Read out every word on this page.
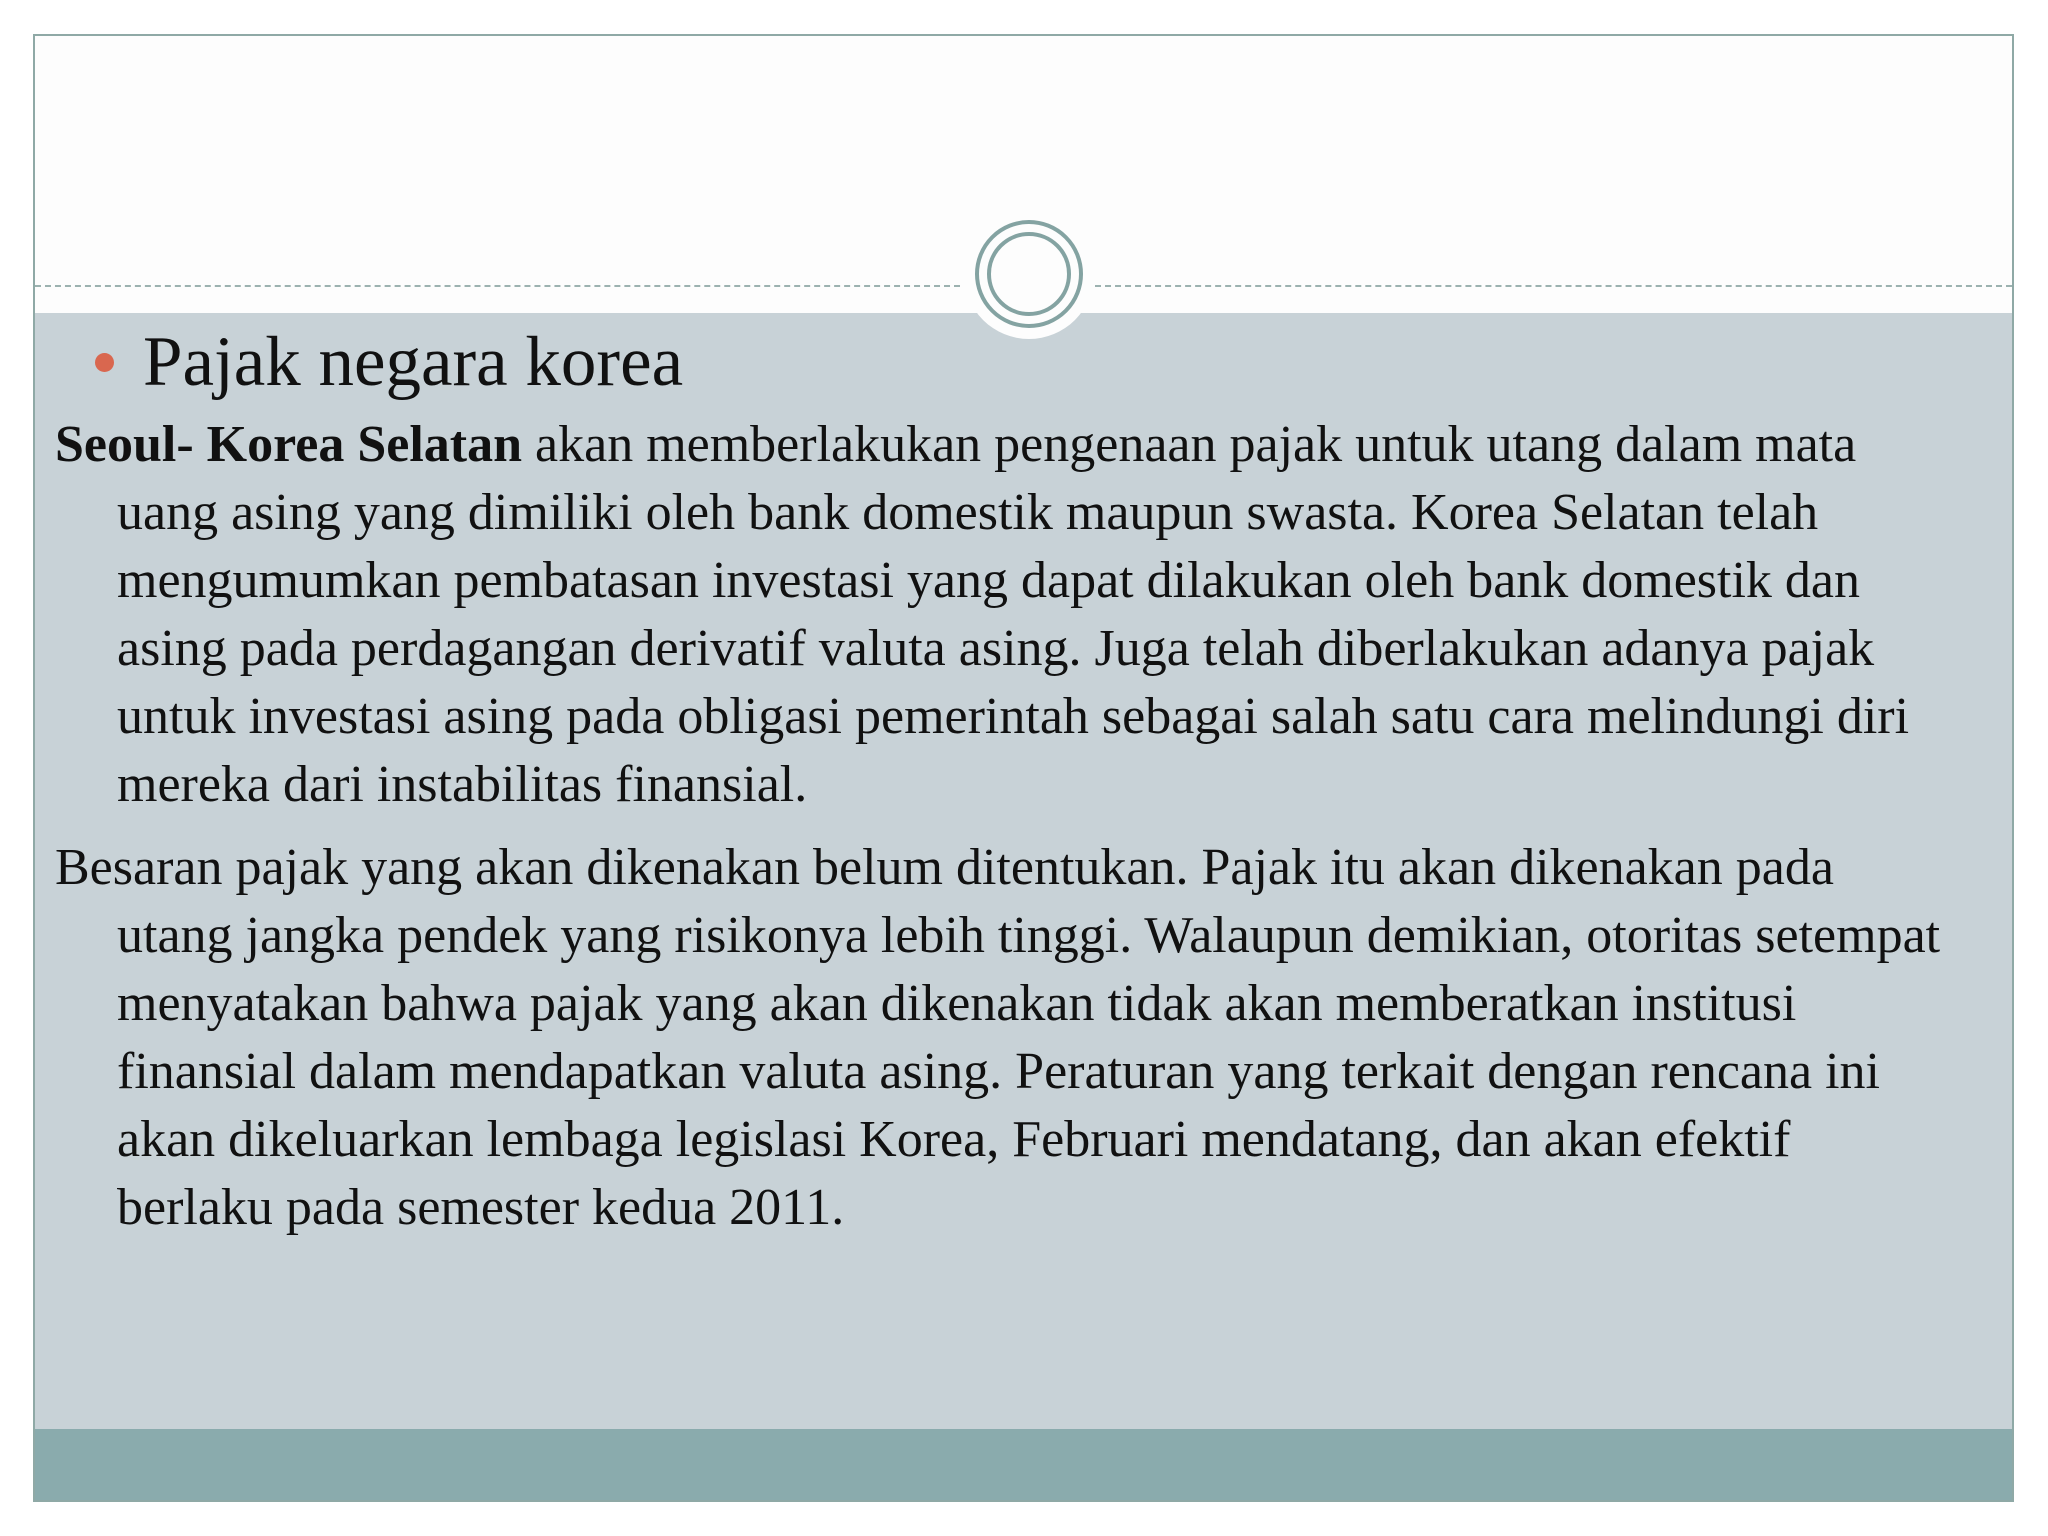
Pajak negara korea

Seoul- Korea Selatan akan memberlakukan pengenaan pajak untuk utang dalam mata uang asing yang dimiliki oleh bank domestik maupun swasta. Korea Selatan telah mengumumkan pembatasan investasi yang dapat dilakukan oleh bank domestik dan asing pada perdagangan derivatif valuta asing. Juga telah diberlakukan adanya pajak untuk investasi asing pada obligasi pemerintah sebagai salah satu cara melindungi diri mereka dari instabilitas finansial.

Besaran pajak yang akan dikenakan belum ditentukan. Pajak itu akan dikenakan pada utang jangka pendek yang risikonya lebih tinggi. Walaupun demikian, otoritas setempat menyatakan bahwa pajak yang akan dikenakan tidak akan memberatkan institusi finansial dalam mendapatkan valuta asing. Peraturan yang terkait dengan rencana ini akan dikeluarkan lembaga legislasi Korea, Februari mendatang, dan akan efektif berlaku pada semester kedua 2011.
